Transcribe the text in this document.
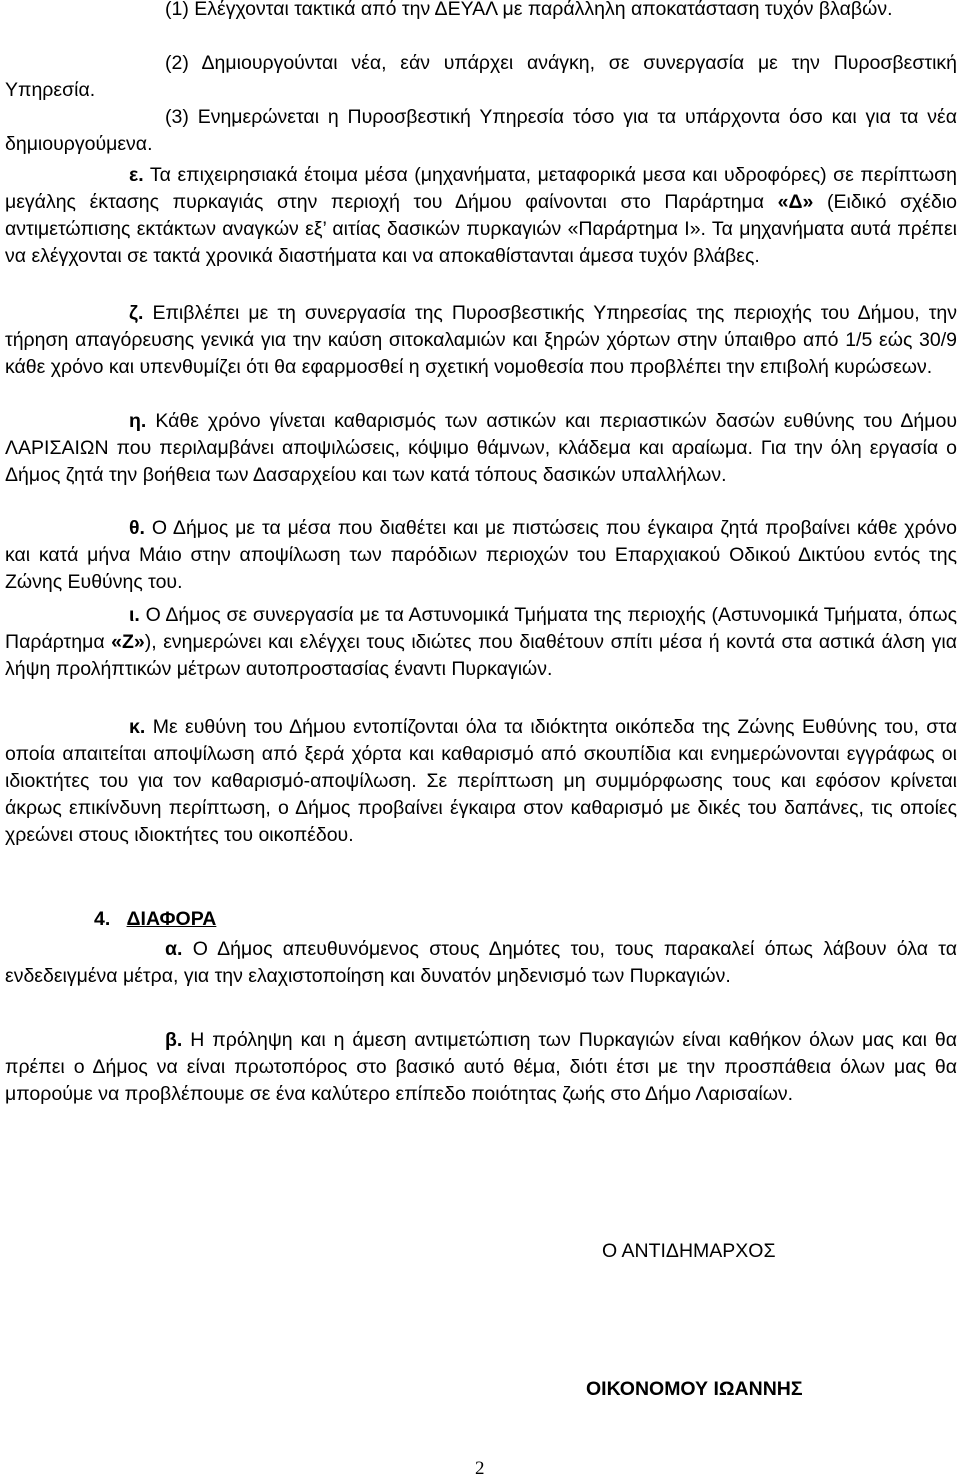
(1) Ελέγχονται τακτικά από την ΔΕΥΑΛ με παράλληλη αποκατάσταση τυχόν βλαβών.

(2) Δημιουργούνται νέα, εάν υπάρχει ανάγκη, σε συνεργασία με την Πυροσβεστική Υπηρεσία.

(3) Ενημερώνεται η Πυροσβεστική Υπηρεσία τόσο για τα υπάρχοντα όσο και για τα νέα δημιουργούμενα.

ε. Τα επιχειρησιακά έτοιμα μέσα (μηχανήματα, μεταφορικά μεσα και υδροφόρες) σε περίπτωση μεγάλης έκτασης πυρκαγιάς στην περιοχή του Δήμου φαίνονται στο Παράρτημα «Δ» (Ειδικό σχέδιο αντιμετώπισης εκτάκτων αναγκών εξ’ αιτίας δασικών πυρκαγιών «Παράρτημα Ι». Τα μηχανήματα αυτά πρέπει να ελέγχονται σε τακτά χρονικά διαστήματα και να αποκαθίστανται άμεσα τυχόν βλάβες.

ζ. Επιβλέπει με τη συνεργασία της Πυροσβεστικής Υπηρεσίας της περιοχής του Δήμου, την τήρηση απαγόρευσης γενικά για την καύση σιτοκαλαμιών και ξηρών χόρτων στην ύπαιθρο από 1/5 εώς 30/9 κάθε χρόνο και υπενθυμίζει ότι θα εφαρμοσθεί η σχετική νομοθεσία που προβλέπει την επιβολή κυρώσεων.

η. Κάθε χρόνο γίνεται καθαρισμός των αστικών και περιαστικών δασών ευθύνης του Δήμου ΛΑΡΙΣΑΙΩΝ που περιλαμβάνει αποψιλώσεις, κόψιμο θάμνων, κλάδεμα και αραίωμα. Για την όλη εργασία ο Δήμος ζητά την βοήθεια των Δασαρχείου και των κατά τόπους δασικών υπαλλήλων.

θ. Ο Δήμος με τα μέσα που διαθέτει και με πιστώσεις που έγκαιρα ζητά προβαίνει κάθε χρόνο και κατά μήνα Μάιο στην αποψίλωση των παρόδιων περιοχών του Επαρχιακού Οδικού Δικτύου εντός της Ζώνης Ευθύνης του.

ι. Ο Δήμος σε συνεργασία με τα Αστυνομικά Τμήματα της περιοχής (Αστυνομικά Τμήματα, όπως Παράρτημα «Ζ»), ενημερώνει και ελέγχει τους ιδιώτες που διαθέτουν σπίτι μέσα ή κοντά στα αστικά άλση για λήψη προλήπτικών μέτρων αυτοπροστασίας έναντι Πυρκαγιών.

κ. Με ευθύνη του Δήμου εντοπίζονται όλα τα ιδιόκτητα οικόπεδα της Ζώνης Ευθύνης του, στα οποία απαιτείται αποψίλωση από ξερά χόρτα και καθαρισμό από σκουπίδια και ενημερώνονται εγγράφως οι ιδιοκτήτες του για τον καθαρισμό-αποψίλωση. Σε περίπτωση μη συμμόρφωσης τους και εφόσον κρίνεται άκρως επικίνδυνη περίπτωση, ο Δήμος προβαίνει έγκαιρα στον καθαρισμό με δικές του δαπάνες, τις οποίες χρεώνει στους ιδιοκτήτες του οικοπέδου.

4. ΔΙΑΦΟΡΑ

α. Ο Δήμος απευθυνόμενος στους Δημότες του, τους παρακαλεί όπως λάβουν όλα τα ενδεδειγμένα μέτρα, για την ελαχιστοποίηση και δυνατόν μηδενισμό των Πυρκαγιών.

β. Η πρόληψη και η άμεση αντιμετώπιση των Πυρκαγιών είναι καθήκον όλων μας και θα πρέπει ο Δήμος να είναι πρωτοπόρος στο βασικό αυτό θέμα, διότι έτσι με την προσπάθεια όλων μας θα μπορούμε να προβλέπουμε σε ένα καλύτερο επίπεδο ποιότητας ζωής στο Δήμο Λαρισαίων.

Ο ΑΝΤΙΔΗΜΑΡΧΟΣ
ΟΙΚΟΝΟΜΟΥ ΙΩΑΝΝΗΣ
2
